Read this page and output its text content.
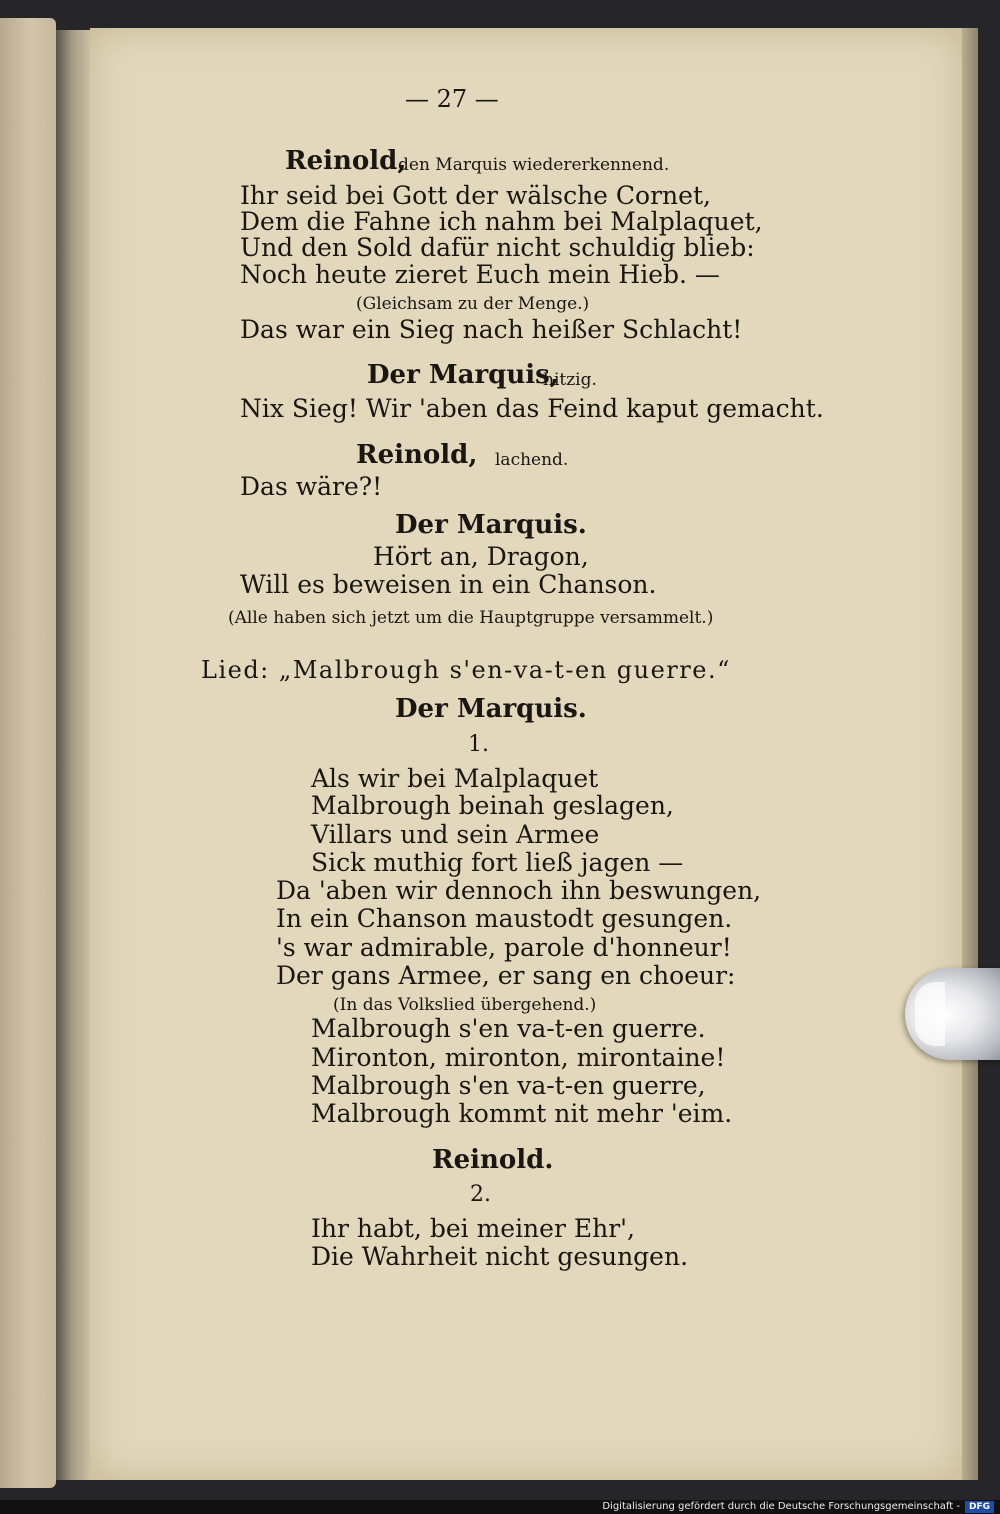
— 27 —
Reinold,
den Marquis wiedererkennend.
Ihr seid bei Gott der wälsche Cornet,
Dem die Fahne ich nahm bei Malplaquet,
Und den Sold dafür nicht schuldig blieb:
Noch heute zieret Euch mein Hieb. —
(Gleichsam zu der Menge.)
Das war ein Sieg nach heißer Schlacht!
Der Marquis,
hitzig.
Nix Sieg! Wir 'aben das Feind kaput gemacht.
Reinold, lachend.
Das wäre?!
Der Marquis.
Hört an, Dragon,
Will es beweisen in ein Chanson.
(Alle haben sich jetzt um die Hauptgruppe versammelt.)
Lied: „Malbrough s'en-va-t-en guerre.“
Der Marquis.
1.
Als wir bei Malplaquet
Malbrough beinah geslagen,
Villars und sein Armee
Sick muthig fort ließ jagen —
Da 'aben wir dennoch ihn beswungen,
In ein Chanson maustodt gesungen.
's war admirable, parole d'honneur!
Der gans Armee, er sang en choeur:
(In das Volkslied übergehend.)
Malbrough s'en va-t-en guerre.
Mironton, mironton, mirontaine!
Malbrough s'en va-t-en guerre,
Malbrough kommt nit mehr 'eim.
Reinold.
2.
Ihr habt, bei meiner Ehr',
Die Wahrheit nicht gesungen.
Digitalisierung gefördert durch die Deutsche Forschungsgemeinschaft - DFG
